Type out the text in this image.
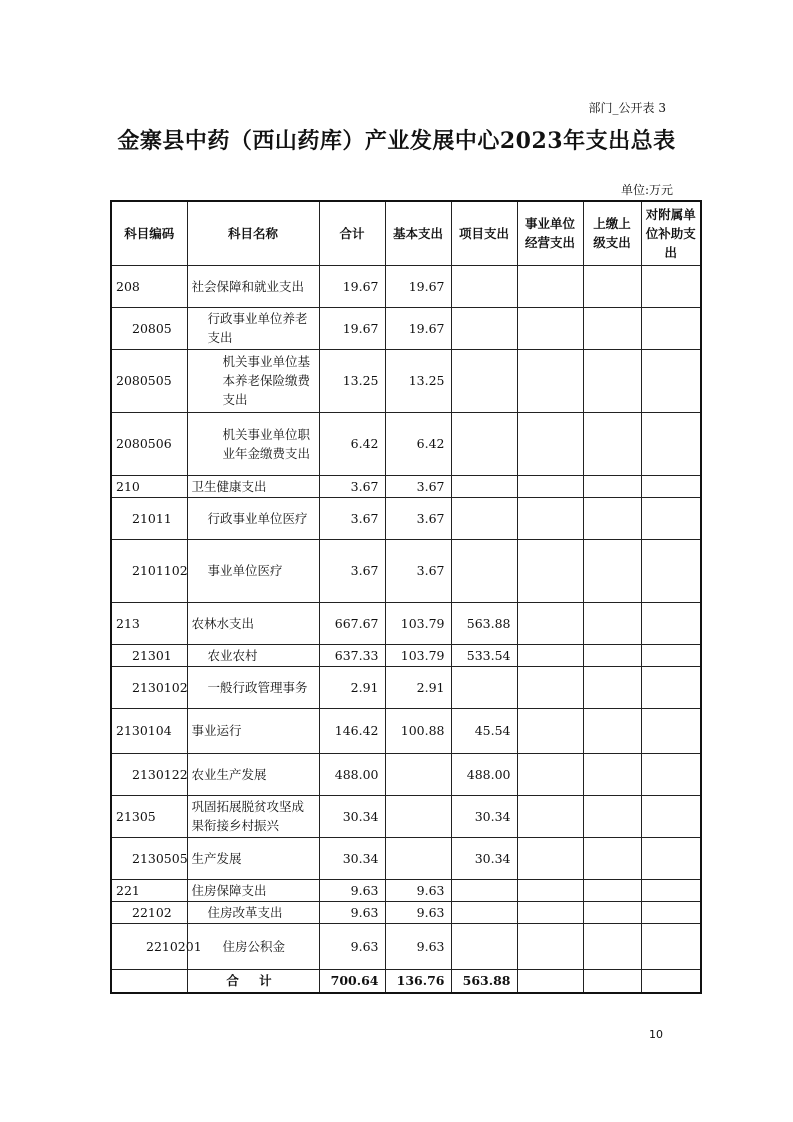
部门_公开表 3
金寨县中药（西山药库）产业发展中心2023年支出总表
单位:万元
科目编码	科目名称	合计	基本支出	项目支出	事业单位经营支出	上缴上级支出	对附属单位补助支出
208	社会保障和就业支出	19.67	19.67				
20805	行政事业单位养老支出	19.67	19.67				
2080505	机关事业单位基本养老保险缴费支出	13.25	13.25				
2080506	机关事业单位职业年金缴费支出	6.42	6.42				
210	卫生健康支出	3.67	3.67				
21011	行政事业单位医疗	3.67	3.67				
2101102	事业单位医疗	3.67	3.67				
213	农林水支出	667.67	103.79	563.88			
21301	农业农村	637.33	103.79	533.54			
2130102	一般行政管理事务	2.91	2.91				
2130104	事业运行	146.42	100.88	45.54			
2130122	农业生产发展	488.00		488.00			
21305	巩固拓展脱贫攻坚成果衔接乡村振兴	30.34		30.34			
2130505	生产发展	30.34		30.34			
221	住房保障支出	9.63	9.63				
22102	住房改革支出	9.63	9.63				
2210201	住房公积金	9.63	9.63				
	合 计	700.64	136.76	563.88			
10
